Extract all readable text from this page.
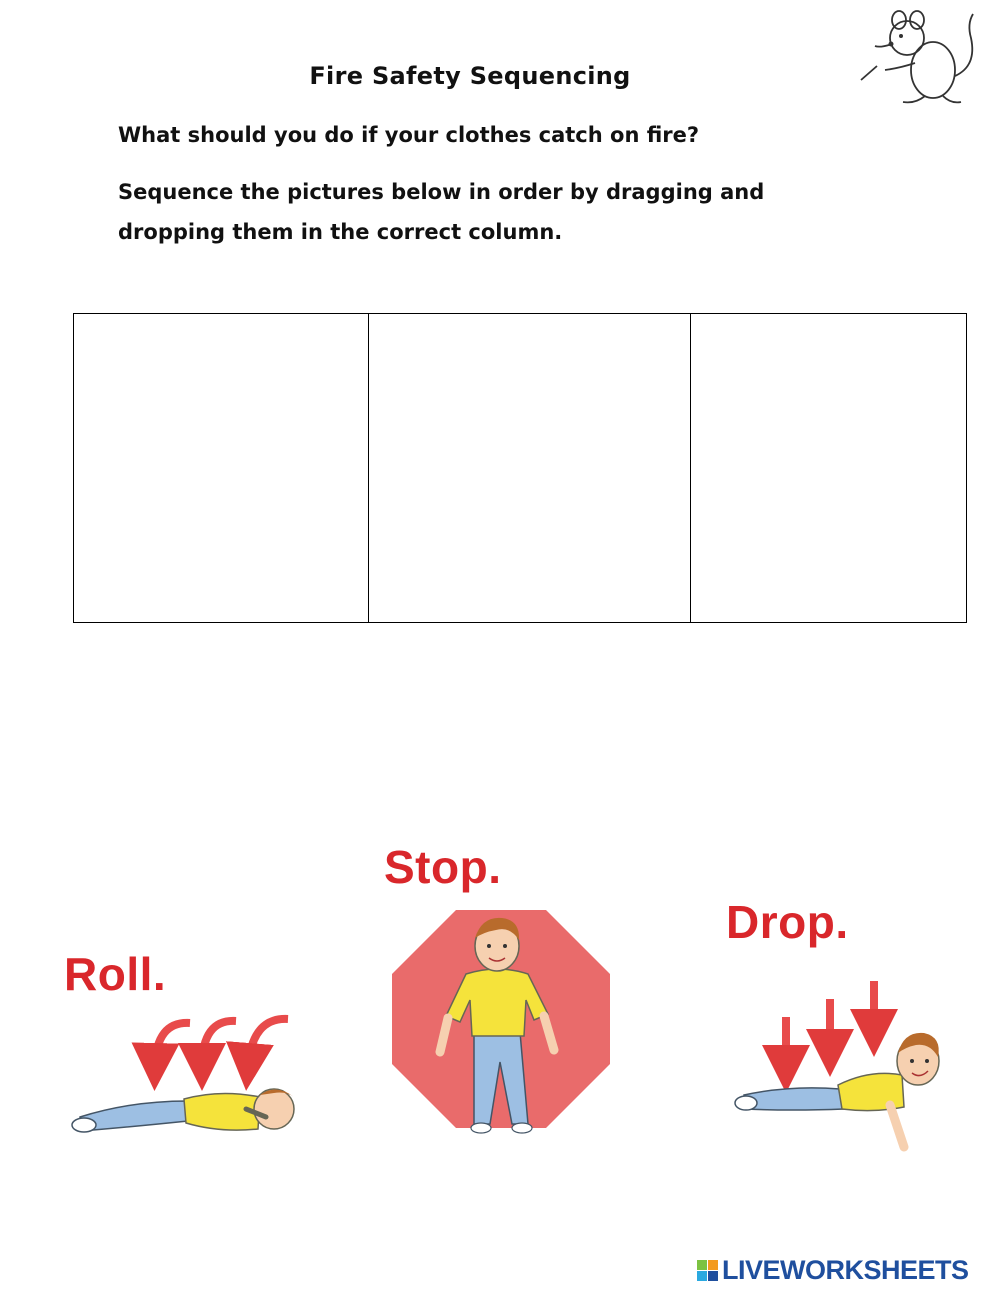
Fire Safety Sequencing
What should you do if your clothes catch on fire?
Sequence the pictures below in order by dragging and dropping them in the correct column.
Roll.
Stop.
Drop.
LIVEWORKSHEETS
